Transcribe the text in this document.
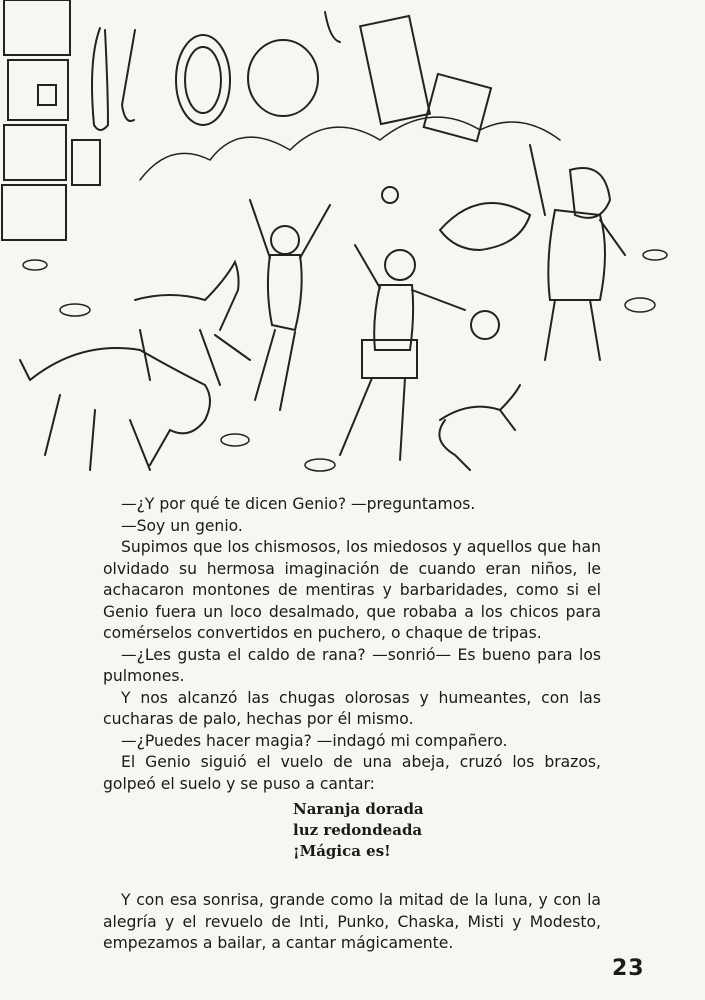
—¿Y por qué te dicen Genio? —preguntamos.

—Soy un genio.

Supimos que los chismosos, los miedosos y aquellos que han olvidado su hermosa imaginación de cuando eran niños, le achacaron montones de mentiras y barbaridades, como si el Genio fuera un loco desalmado, que robaba a los chicos para comérselos convertidos en puchero, o chaque de tripas.

—¿Les gusta el caldo de rana? —sonrió— Es bueno para los pulmones.

Y nos alcanzó las chugas olorosas y humeantes, con las cucharas de palo, hechas por él mismo.

—¿Puedes hacer magia? —indagó mi compañero.

El Genio siguió el vuelo de una abeja, cruzó los brazos, golpeó el suelo y se puso a cantar:

Naranja dorada
luz redondeada
¡Mágica es!

Y con esa sonrisa, grande como la mitad de la luna, y con la alegría y el revuelo de Inti, Punko, Chaska, Misti y Modesto, empezamos a bailar, a cantar mágicamente.

23
